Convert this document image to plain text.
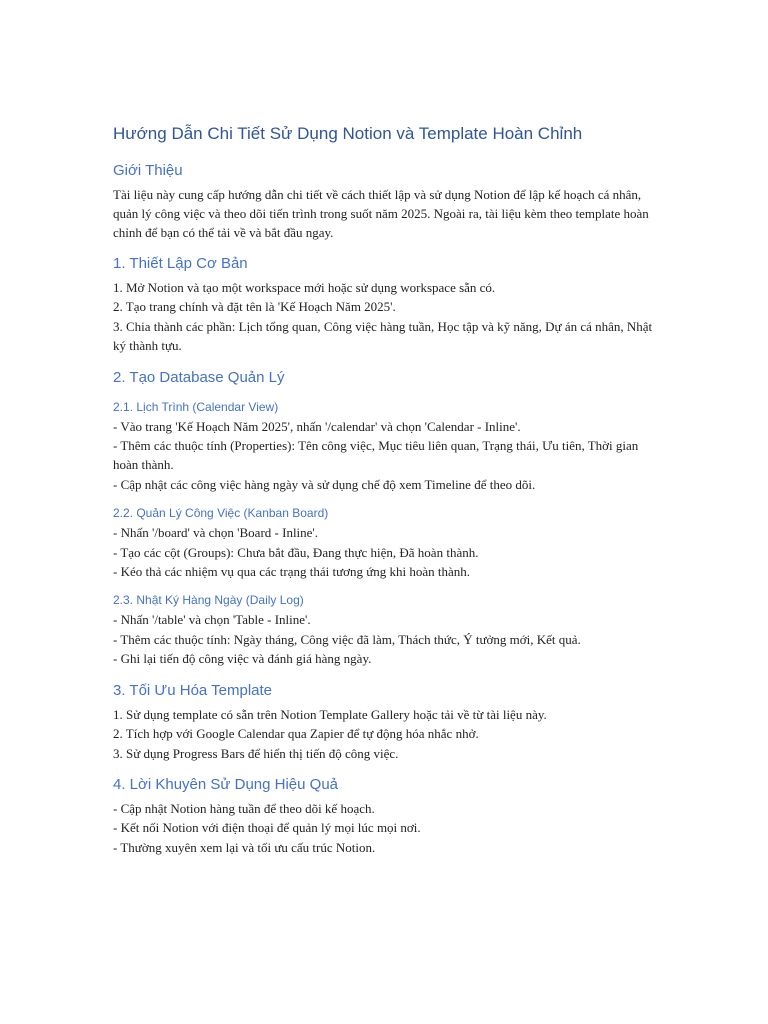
Hướng Dẫn Chi Tiết Sử Dụng Notion và Template Hoàn Chỉnh
Giới Thiệu

Tài liệu này cung cấp hướng dẫn chi tiết về cách thiết lập và sử dụng Notion để lập kế hoạch cá nhân, quản lý công việc và theo dõi tiến trình trong suốt năm 2025. Ngoài ra, tài liệu kèm theo template hoàn chỉnh để bạn có thể tải về và bắt đầu ngay.

1. Thiết Lập Cơ Bản

1. Mở Notion và tạo một workspace mới hoặc sử dụng workspace sẵn có.

2. Tạo trang chính và đặt tên là 'Kế Hoạch Năm 2025'.

3. Chia thành các phần: Lịch tổng quan, Công việc hàng tuần, Học tập và kỹ năng, Dự án cá nhân, Nhật ký thành tựu.

2. Tạo Database Quản Lý
2.1. Lịch Trình (Calendar View)

- Vào trang 'Kế Hoạch Năm 2025', nhấn '/calendar' và chọn 'Calendar - Inline'.

- Thêm các thuộc tính (Properties): Tên công việc, Mục tiêu liên quan, Trạng thái, Ưu tiên, Thời gian hoàn thành.

- Cập nhật các công việc hàng ngày và sử dụng chế độ xem Timeline để theo dõi.

2.2. Quản Lý Công Việc (Kanban Board)

- Nhấn '/board' và chọn 'Board - Inline'.

- Tạo các cột (Groups): Chưa bắt đầu, Đang thực hiện, Đã hoàn thành.

- Kéo thả các nhiệm vụ qua các trạng thái tương ứng khi hoàn thành.

2.3. Nhật Ký Hàng Ngày (Daily Log)

- Nhấn '/table' và chọn 'Table - Inline'.

- Thêm các thuộc tính: Ngày tháng, Công việc đã làm, Thách thức, Ý tưởng mới, Kết quả.

- Ghi lại tiến độ công việc và đánh giá hàng ngày.

3. Tối Ưu Hóa Template

1. Sử dụng template có sẵn trên Notion Template Gallery hoặc tải về từ tài liệu này.

2. Tích hợp với Google Calendar qua Zapier để tự động hóa nhắc nhở.

3. Sử dụng Progress Bars để hiển thị tiến độ công việc.

4. Lời Khuyên Sử Dụng Hiệu Quả

- Cập nhật Notion hàng tuần để theo dõi kế hoạch.

- Kết nối Notion với điện thoại để quản lý mọi lúc mọi nơi.

- Thường xuyên xem lại và tối ưu cấu trúc Notion.
